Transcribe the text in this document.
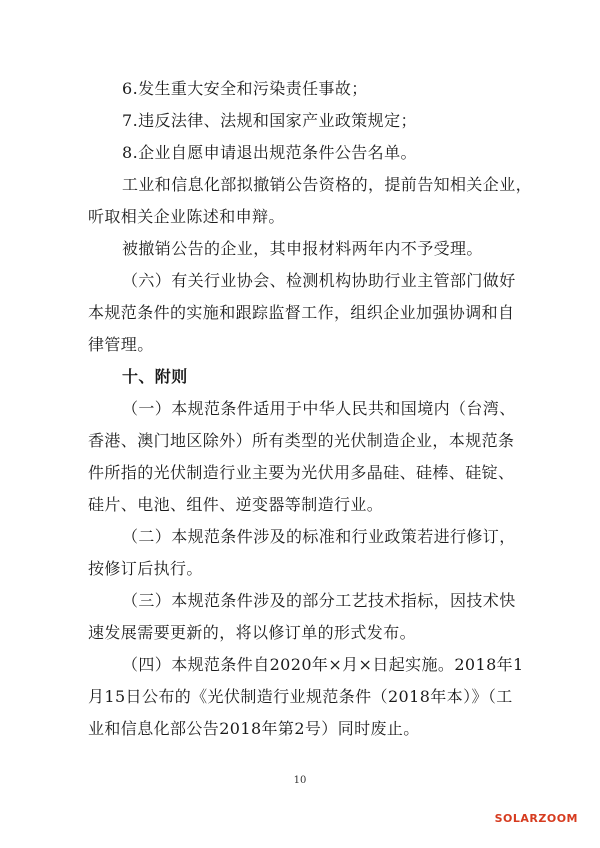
6.发生重大安全和污染责任事故；

7.违反法律、法规和国家产业政策规定；

8.企业自愿申请退出规范条件公告名单。

工业和信息化部拟撤销公告资格的，提前告知相关企业，

听取相关企业陈述和申辩。

被撤销公告的企业，其申报材料两年内不予受理。

（六）有关行业协会、检测机构协助行业主管部门做好

本规范条件的实施和跟踪监督工作，组织企业加强协调和自

律管理。

十、附则

（一）本规范条件适用于中华人民共和国境内（台湾、

香港、澳门地区除外）所有类型的光伏制造企业，本规范条

件所指的光伏制造行业主要为光伏用多晶硅、硅棒、硅锭、

硅片、电池、组件、逆变器等制造行业。

（二）本规范条件涉及的标准和行业政策若进行修订，

按修订后执行。

（三）本规范条件涉及的部分工艺技术指标，因技术快

速发展需要更新的，将以修订单的形式发布。

（四）本规范条件自2020年×月×日起实施。2018年1

月15日公布的《光伏制造行业规范条件（2018年本）》（工

业和信息化部公告2018年第2号）同时废止。

10
SOLARZOOM
